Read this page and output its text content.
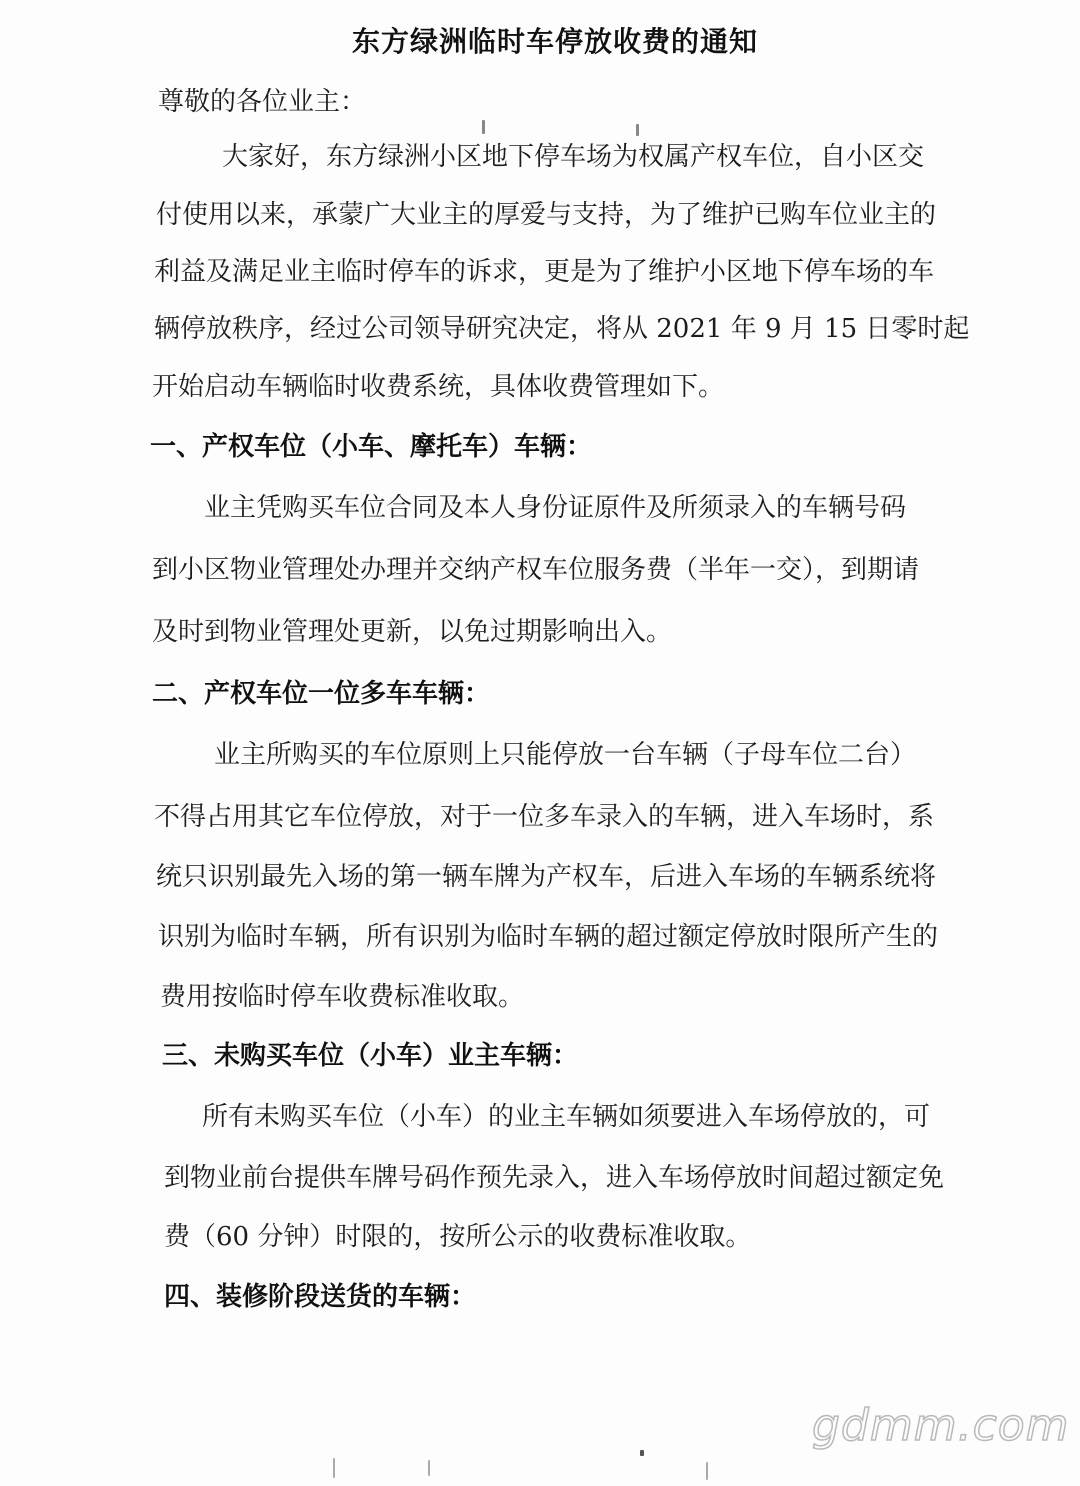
东方绿洲临时车停放收费的通知
尊敬的各位业主：
大家好，东方绿洲小区地下停车场为权属产权车位，自小区交
付使用以来，承蒙广大业主的厚爱与支持，为了维护已购车位业主的
利益及满足业主临时停车的诉求，更是为了维护小区地下停车场的车
辆停放秩序，经过公司领导研究决定，将从 2021 年 9 月 15 日零时起
开始启动车辆临时收费系统，具体收费管理如下。
一、产权车位（小车、摩托车）车辆：
业主凭购买车位合同及本人身份证原件及所须录入的车辆号码
到小区物业管理处办理并交纳产权车位服务费（半年一交），到期请
及时到物业管理处更新，以免过期影响出入。
二、产权车位一位多车车辆：
业主所购买的车位原则上只能停放一台车辆（子母车位二台）
不得占用其它车位停放，对于一位多车录入的车辆，进入车场时，系
统只识别最先入场的第一辆车牌为产权车，后进入车场的车辆系统将
识别为临时车辆，所有识别为临时车辆的超过额定停放时限所产生的
费用按临时停车收费标准收取。
三、未购买车位（小车）业主车辆：
所有未购买车位（小车）的业主车辆如须要进入车场停放的，可
到物业前台提供车牌号码作预先录入，进入车场停放时间超过额定免
费（60 分钟）时限的，按所公示的收费标准收取。
四、装修阶段送货的车辆：
gdmm.com
